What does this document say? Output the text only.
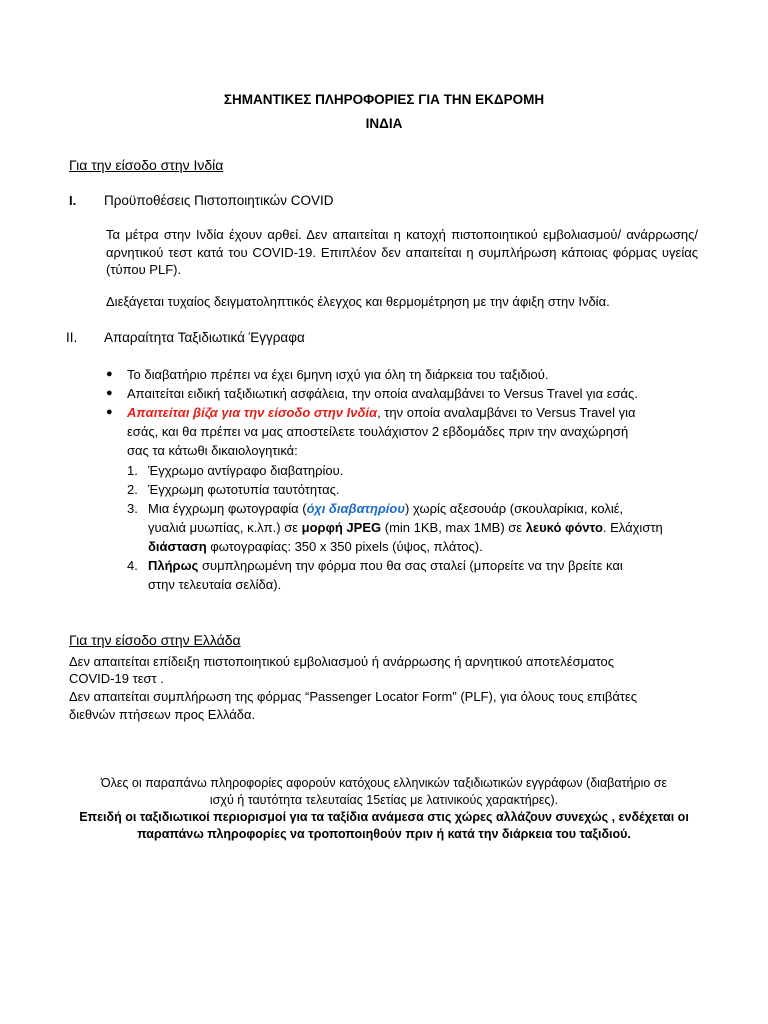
ΣΗΜΑΝΤΙΚΕΣ ΠΛΗΡΟΦΟΡΙΕΣ ΓΙΑ ΤΗΝ ΕΚΔΡΟΜΗ
ΙΝΔΙΑ
Για την είσοδο στην Ινδία
I. Προϋποθέσεις Πιστοποιητικών COVID
Τα μέτρα στην Ινδία έχουν αρθεί. Δεν απαιτείται η κατοχή πιστοποιητικού εμβολιασμού/ ανάρρωσης/ αρνητικού τεστ κατά του COVID-19. Επιπλέον δεν απαιτείται η συμπλήρωση κάποιας φόρμας υγείας (τύπου PLF).
Διεξάγεται τυχαίος δειγματοληπτικός έλεγχος και θερμομέτρηση με την άφιξη στην Ινδία.
II. Απαραίτητα Ταξιδιωτικά Έγγραφα
● Το διαβατήριο πρέπει να έχει 6μηνη ισχύ για όλη τη διάρκεια του ταξιδιού.
● Απαιτείται ειδική ταξιδιωτική ασφάλεια, την οποία αναλαμβάνει το Versus Travel για εσάς.
● Απαιτείται βίζα για την είσοδο στην Ινδία, την οποία αναλαμβάνει το Versus Travel για
εσάς, και θα πρέπει να μας αποστείλετε τουλάχιστον 2 εβδομάδες πριν την αναχώρησή
σας τα κάτωθι δικαιολογητικά:
1. Έγχρωμο αντίγραφο διαβατηρίου.
2. Έγχρωμη φωτοτυπία ταυτότητας.
3. Μια έγχρωμη φωτογραφία (όχι διαβατηρίου) χωρίς αξεσουάρ (σκουλαρίκια, κολιέ,
γυαλιά μυωπίας, κ.λπ.) σε μορφή JPEG (min 1KB, max 1MB) σε λευκό φόντο. Ελάχιστη
διάσταση φωτογραφίας: 350 x 350 pixels (ύψος, πλάτος).
4. Πλήρως συμπληρωμένη την φόρμα που θα σας σταλεί (μπορείτε να την βρείτε και
στην τελευταία σελίδα).
Για την είσοδο στην Ελλάδα
Δεν απαιτείται επίδειξη πιστοποιητικού εμβολιασμού ή ανάρρωσης ή αρνητικού αποτελέσματος
COVID-19 τεστ .
Δεν απαιτείται συμπλήρωση της φόρμας “Passenger Locator Form” (PLF), για όλους τους επιβάτες
διεθνών πτήσεων προς Ελλάδα.
Όλες οι παραπάνω πληροφορίες αφορούν κατόχους ελληνικών ταξιδιωτικών εγγράφων (διαβατήριο σε
ισχύ ή ταυτότητα τελευταίας 15ετίας με λατινικούς χαρακτήρες).
Επειδή οι ταξιδιωτικοί περιορισμοί για τα ταξίδια ανάμεσα στις χώρες αλλάζουν συνεχώς , ενδέχεται οι
παραπάνω πληροφορίες να τροποποιηθούν πριν ή κατά την διάρκεια του ταξιδιού.
